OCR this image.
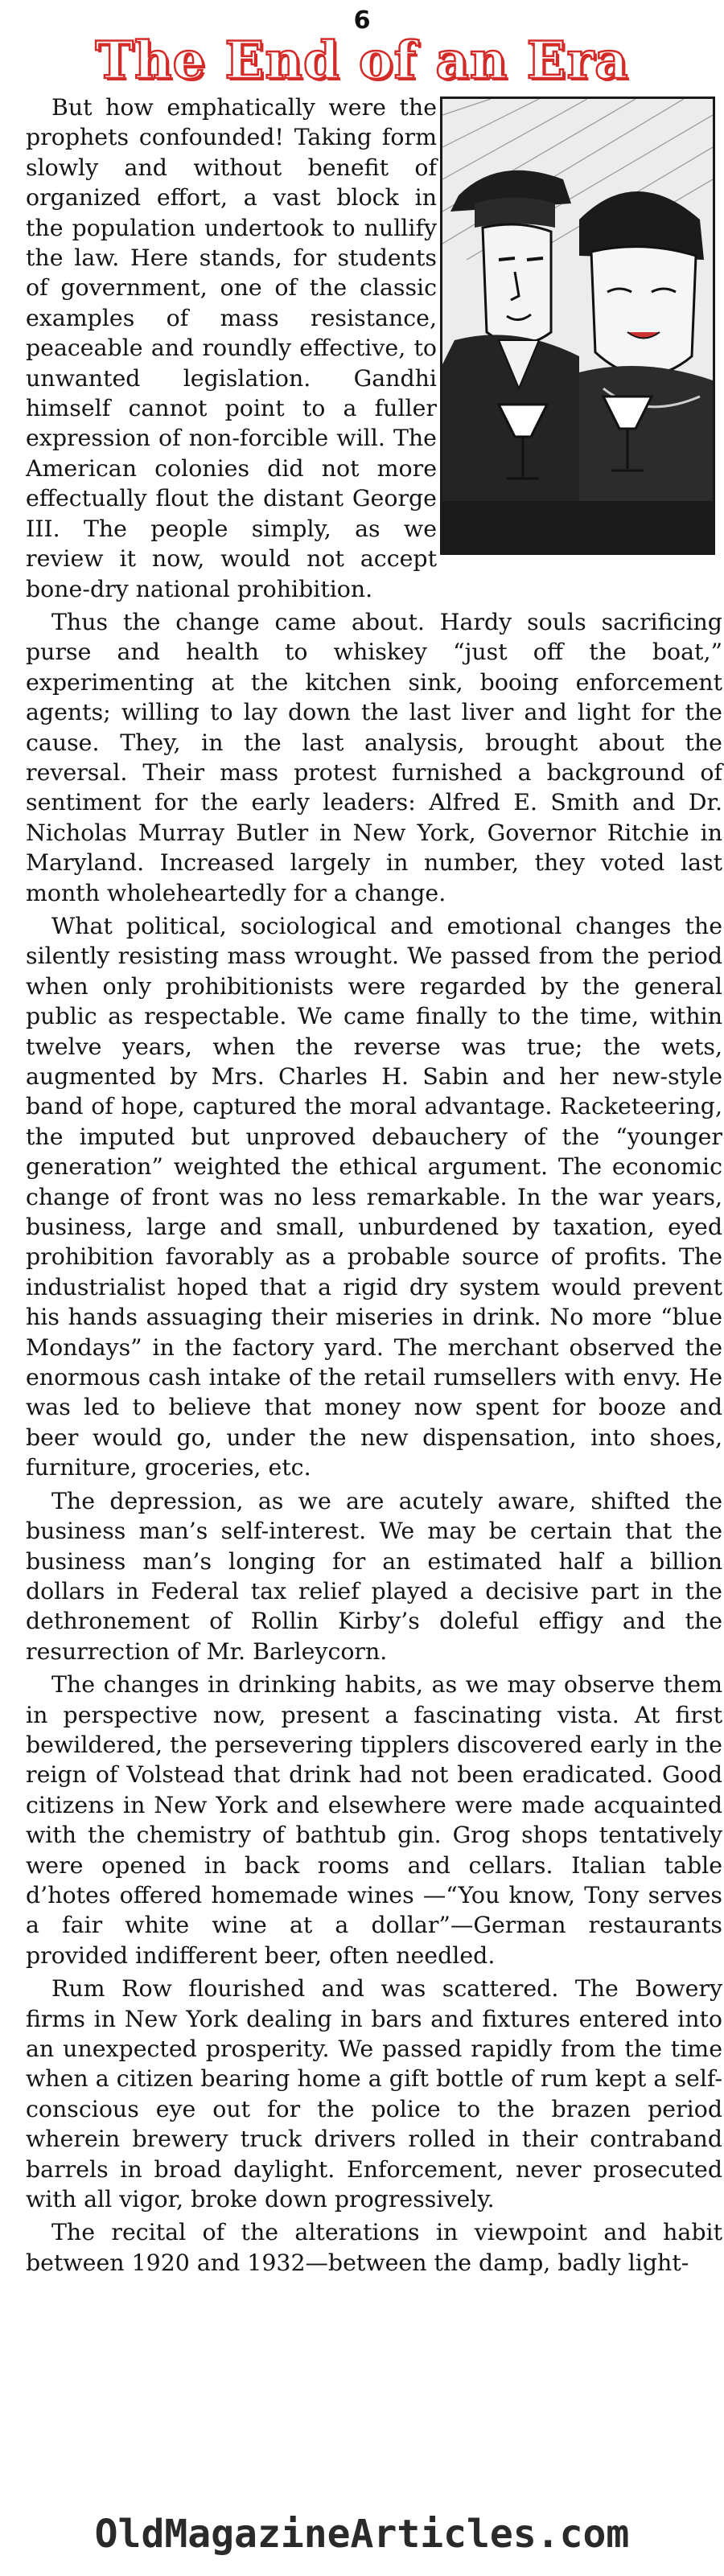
6
The End of an Era

But how emphatically were the prophets confounded! Taking form slowly and without benefit of organized effort, a vast block in the population undertook to nullify the law. Here stands, for students of government, one of the classic examples of mass resistance, peaceable and roundly effective, to unwanted legislation. Gandhi himself cannot point to a fuller expression of non-forcible will. The American colonies did not more effectually flout the distant George III. The people simply, as we review it now, would not accept bone-dry national prohibition.

Thus the change came about. Hardy souls sacrificing purse and health to whiskey “just off the boat,” experimenting at the kitchen sink, booing enforcement agents; willing to lay down the last liver and light for the cause. They, in the last analysis, brought about the reversal. Their mass protest furnished a background of sentiment for the early leaders: Alfred E. Smith and Dr. Nicholas Murray Butler in New York, Governor Ritchie in Maryland. Increased largely in number, they voted last month wholeheartedly for a change.

What political, sociological and emotional changes the silently resisting mass wrought. We passed from the period when only prohibitionists were regarded by the general public as respectable. We came finally to the time, within twelve years, when the reverse was true; the wets, augmented by Mrs. Charles H. Sabin and her new-style band of hope, captured the moral advantage. Racketeering, the imputed but unproved debauchery of the “younger generation” weighted the ethical argument. The economic change of front was no less remarkable. In the war years, business, large and small, unburdened by taxation, eyed prohibition favorably as a probable source of profits. The industrialist hoped that a rigid dry system would prevent his hands assuaging their miseries in drink. No more “blue Mondays” in the factory yard. The merchant observed the enormous cash intake of the retail rumsellers with envy. He was led to believe that money now spent for booze and beer would go, under the new dispensation, into shoes, furniture, groceries, etc.

The depression, as we are acutely aware, shifted the business man’s self-interest. We may be certain that the business man’s longing for an estimated half a billion dollars in Federal tax relief played a decisive part in the dethronement of Rollin Kirby’s doleful effigy and the resurrection of Mr. Barleycorn.

The changes in drinking habits, as we may observe them in perspective now, present a fascinating vista. At first bewildered, the persevering tipplers discovered early in the reign of Volstead that drink had not been eradicated. Good citizens in New York and elsewhere were made acquainted with the chemistry of bathtub gin. Grog shops tentatively were opened in back rooms and cellars. Italian table d’hotes offered homemade wines —“You know, Tony serves a fair white wine at a dollar”—German restaurants provided indifferent beer, often needled.

Rum Row flourished and was scattered. The Bowery firms in New York dealing in bars and fixtures entered into an unexpected prosperity. We passed rapidly from the time when a citizen bearing home a gift bottle of rum kept a self-conscious eye out for the police to the brazen period wherein brewery truck drivers rolled in their contraband barrels in broad daylight. Enforcement, never prosecuted with all vigor, broke down progressively.

The recital of the alterations in viewpoint and habit between 1920 and 1932—between the damp, badly light-

OldMagazineArticles.com
